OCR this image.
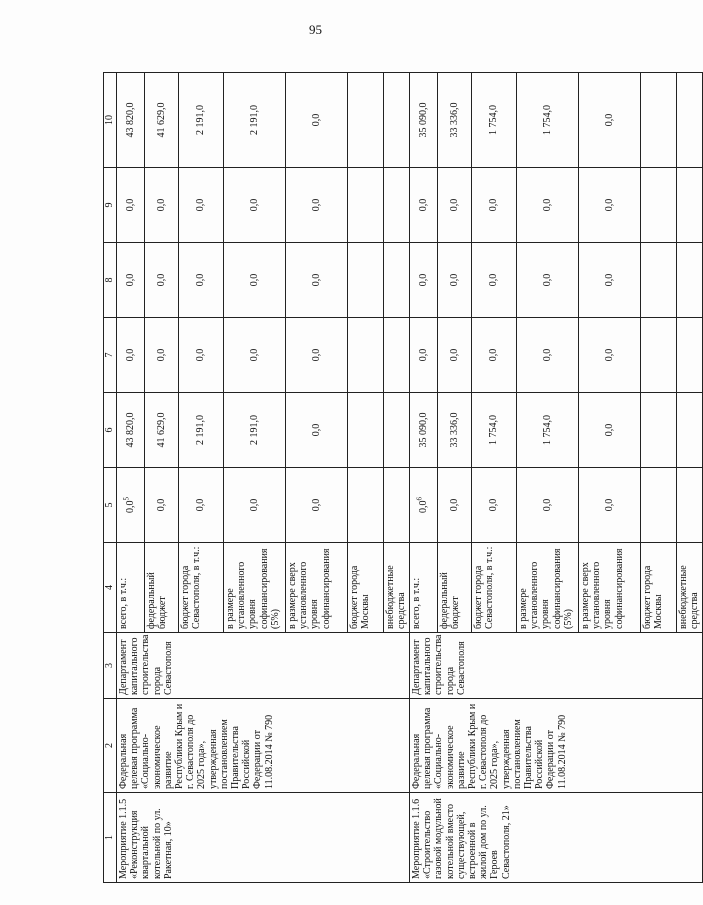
95
1	2	3	4	5	6	7	8	9	10
Мероприятие 1.1.5 «Реконструкция квартальной котельной по ул. Ракетная, 10»	Федеральная целевая программа «Социально-экономическое развитие Республики Крым и г. Севастополя до 2025 года», утвержденная постановлением Правительства Российской Федерации от 11.08.2014 № 790	Департамент капитального строительства города Севастополя	всего, в т.ч.:	$0,0^5$	43 820,0	0,0	0,0	0,0	43 820,0
			федеральный бюджет	0,0	41 629,0	0,0	0,0	0,0	41 629,0
			бюджет города Севастополя, в т.ч.:	0,0	2 191,0	0,0	0,0	0,0	2 191,0
			в размере установленного уровня софинансирования (5%)	0,0	2 191,0	0,0	0,0	0,0	2 191,0
			в размере сверх установленного уровня софинансирования	0,0	0,0	0,0	0,0	0,0	0,0
			бюджет города Москвы						
			внебюджетные средства						
Мероприятие 1.1.6 «Строительство газовой модульной котельной вместо существующей, встроенной в жилой дом по ул. Героев Севастополя, 21»	Федеральная целевая программа «Социально-экономическое развитие Республики Крым и г. Севастополя до 2025 года», утвержденная постановлением Правительства Российской Федерации от 11.08.2014 № 790	Департамент капитального строительства города Севастополя	всего, в т.ч.:	$0,0^6$	35 090,0	0,0	0,0	0,0	35 090,0
			федеральный бюджет	0,0	33 336,0	0,0	0,0	0,0	33 336,0
			бюджет города Севастополя, в т.ч.:	0,0	1 754,0	0,0	0,0	0,0	1 754,0
			в размере установленного уровня софинансирования (5%)	0,0	1 754,0	0,0	0,0	0,0	1 754,0
			в размере сверх установленного уровня софинансирования	0,0	0,0	0,0	0,0	0,0	0,0
			бюджет города Москвы						
			внебюджетные средства						
